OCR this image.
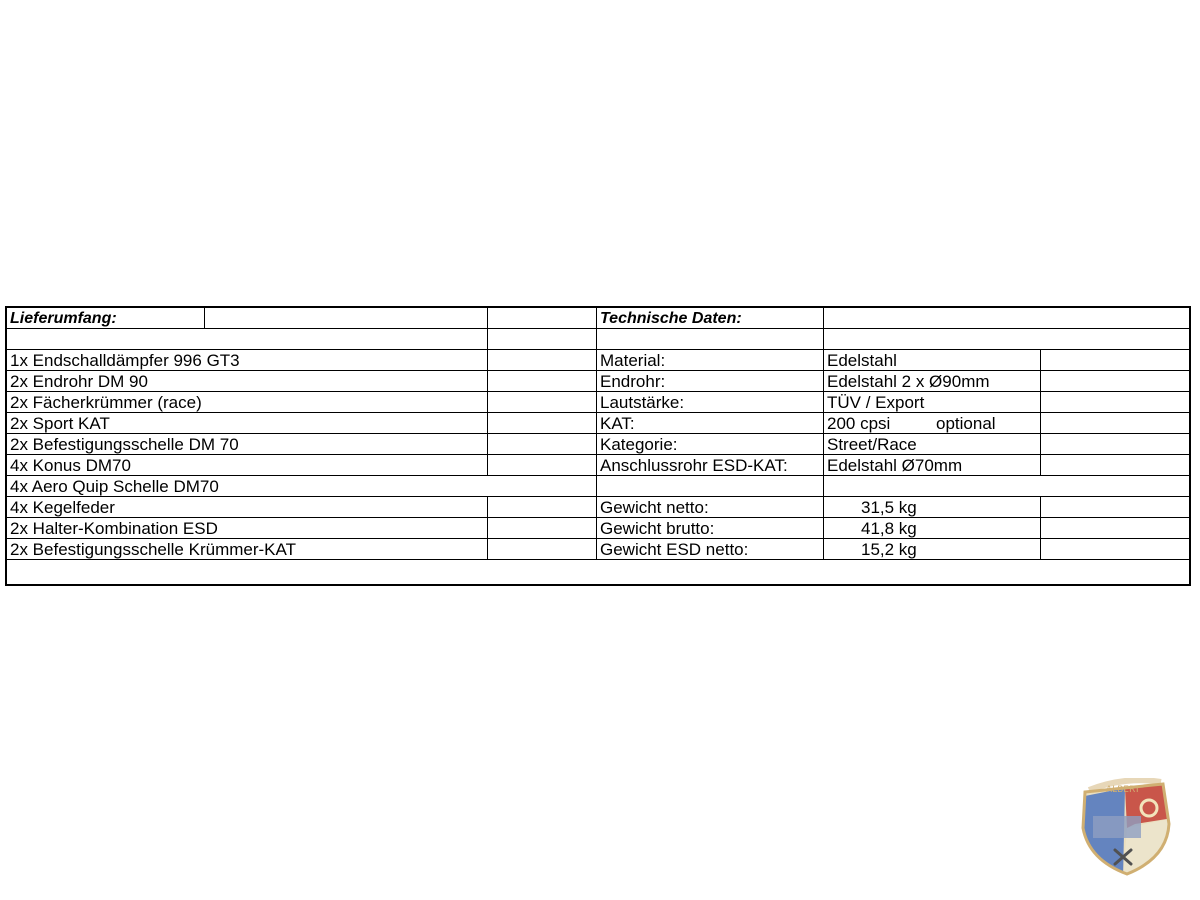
Lieferumfang:	Technische Daten:
1x Endschalldämpfer 996 GT3	Material:	Edelstahl
2x Endrohr DM 90	Endrohr:	Edelstahl 2 x Ø90mm
2x Fächerkrümmer (race)	Lautstärke:	TÜV / Export
2x Sport KAT	KAT:	200 cpsi	optional
2x Befestigungsschelle DM 70	Kategorie:	Street/Race
4x Konus DM70	Anschlussrohr ESD-KAT:	Edelstahl Ø70mm
4x Aero Quip Schelle DM70
4x Kegelfeder	Gewicht netto:	31,5 kg
2x Halter-Kombination ESD	Gewicht brutto:	41,8 kg
2x Befestigungsschelle Krümmer-KAT	Gewicht ESD netto:	15,2 kg
ALBERT
